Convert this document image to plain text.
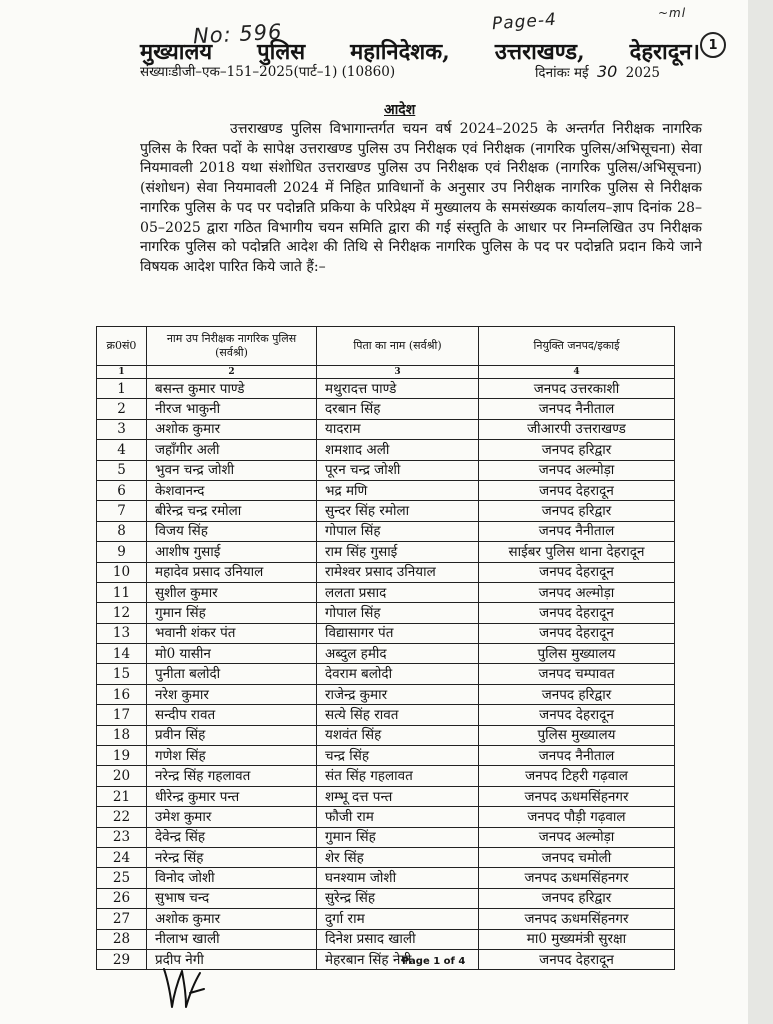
No: 596	Page-4	~ml
1
मुख्यालय पुलिस महानिदेशक, उत्तराखण्ड, देहरादून।
संख्याःडीजी–एक–151–2025(पार्ट–1) (10860)	दिनांकः मई 30 2025
आदेश
उत्तराखण्ड पुलिस विभागान्तर्गत चयन वर्ष 2024–2025 के अन्तर्गत निरीक्षक नागरिक पुलिस के रिक्त पदों के सापेक्ष उत्तराखण्ड पुलिस उप निरीक्षक एवं निरीक्षक (नागरिक पुलिस/अभिसूचना) सेवा नियमावली 2018 यथा संशोधित उत्तराखण्ड पुलिस उप निरीक्षक एवं निरीक्षक (नागरिक पुलिस/अभिसूचना) (संशोधन) सेवा नियमावली 2024 में निहित प्राविधानों के अनुसार उप निरीक्षक नागरिक पुलिस से निरीक्षक नागरिक पुलिस के पद पर पदोन्नति प्रकिया के परिप्रेक्ष्य में मुख्यालय के समसंख्यक कार्यालय–ज्ञाप दिनांक 28–05–2025 द्वारा गठित विभागीय चयन समिति द्वारा की गई संस्तुति के आधार पर निम्नलिखित उप निरीक्षक नागरिक पुलिस को पदोन्नति आदेश की तिथि से निरीक्षक नागरिक पुलिस के पद पर पदोन्नति प्रदान किये जाने विषयक आदेश पारित किये जाते हैं:–
क्र0सं0	नाम उप निरीक्षक नागरिक पुलिस (सर्वश्री)	पिता का नाम (सर्वश्री)	नियुक्ति जनपद/इकाई
1	2	3	4
1	बसन्त कुमार पाण्डे	मथुरादत्त पाण्डे	जनपद उत्तरकाशी
2	नीरज भाकुनी	दरबान सिंह	जनपद नैनीताल
3	अशोक कुमार	यादराम	जीआरपी उत्तराखण्ड
4	जहाँगीर अली	शमशाद अली	जनपद हरिद्वार
5	भुवन चन्द्र जोशी	पूरन चन्द्र जोशी	जनपद अल्मोड़ा
6	केशवानन्द	भद्र मणि	जनपद देहरादून
7	बीरेन्द्र चन्द्र रमोला	सुन्दर सिंह रमोला	जनपद हरिद्वार
8	विजय सिंह	गोपाल सिंह	जनपद नैनीताल
9	आशीष गुसाई	राम सिंह गुसाई	साईबर पुलिस थाना देहरादून
10	महादेव प्रसाद उनियाल	रामेश्वर प्रसाद उनियाल	जनपद देहरादून
11	सुशील कुमार	ललता प्रसाद	जनपद अल्मोड़ा
12	गुमान सिंह	गोपाल सिंह	जनपद देहरादून
13	भवानी शंकर पंत	विद्यासागर पंत	जनपद देहरादून
14	मो0 यासीन	अब्दुल हमीद	पुलिस मुख्यालय
15	पुनीता बलोदी	देवराम बलोदी	जनपद चम्पावत
16	नरेश कुमार	राजेन्द्र कुमार	जनपद हरिद्वार
17	सन्दीप रावत	सत्ये सिंह रावत	जनपद देहरादून
18	प्रवीन सिंह	यशवंत सिंह	पुलिस मुख्यालय
19	गणेश सिंह	चन्द्र सिंह	जनपद नैनीताल
20	नरेन्द्र सिंह गहलावत	संत सिंह गहलावत	जनपद टिहरी गढ़वाल
21	धीरेन्द्र कुमार पन्त	शम्भू दत्त पन्त	जनपद ऊधमसिंहनगर
22	उमेश कुमार	फौजी राम	जनपद पौड़ी गढ़वाल
23	देवेन्द्र सिंह	गुमान सिंह	जनपद अल्मोड़ा
24	नरेन्द्र सिंह	शेर सिंह	जनपद चमोली
25	विनोद जोशी	घनश्याम जोशी	जनपद ऊधमसिंहनगर
26	सुभाष चन्द	सुरेन्द्र सिंह	जनपद हरिद्वार
27	अशोक कुमार	दुर्गा राम	जनपद ऊधमसिंहनगर
28	नीलाभ खाली	दिनेश प्रसाद खाली	मा0 मुख्यमंत्री सुरक्षा
29	प्रदीप नेगी	मेहरबान सिंह नेगी	जनपद देहरादून
Page 1 of 4
